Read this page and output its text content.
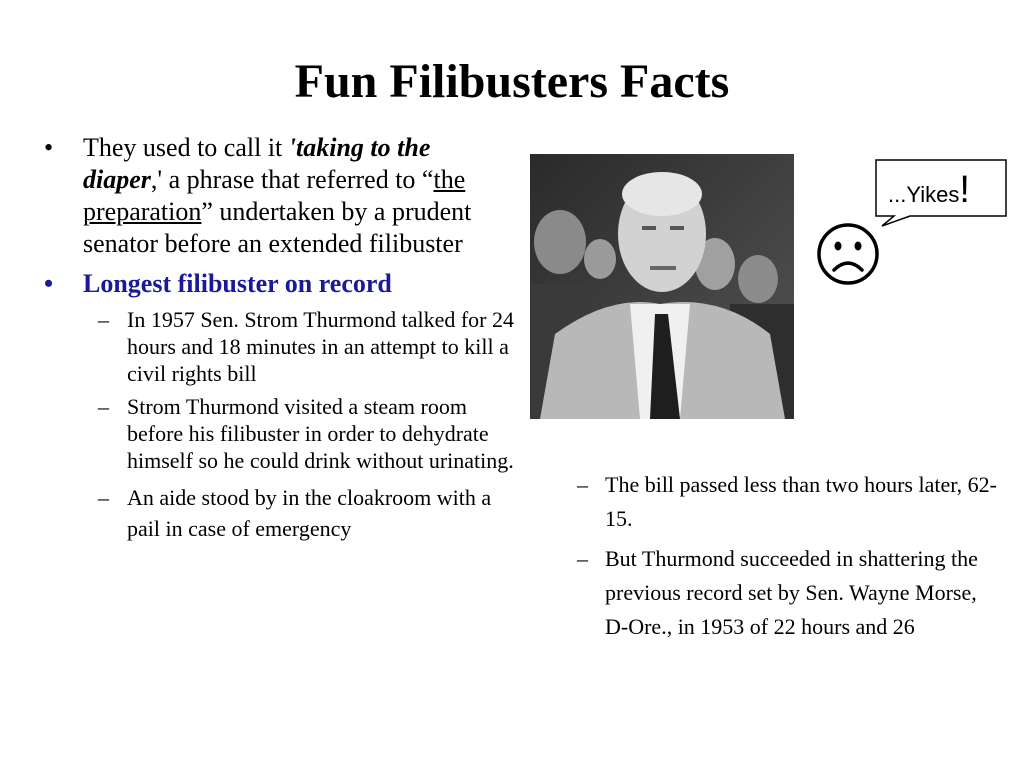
Fun Filibusters Facts
• They used to call it 'taking to the diaper,' a phrase that referred to “the preparation” undertaken by a prudent senator before an extended filibuster
• Longest filibuster on record
– In 1957 Sen. Strom Thurmond talked for 24 hours and 18 minutes in an attempt to kill a civil rights bill
– Strom Thurmond visited a steam room before his filibuster in order to dehydrate himself so he could drink without urinating.
– An aide stood by in the cloakroom with a pail in case of emergency
...Yikes!
– The bill passed less than two hours later, 62-15.
– But Thurmond succeeded in shattering the previous record set by Sen. Wayne Morse, D-Ore., in 1953 of 22 hours and 26
